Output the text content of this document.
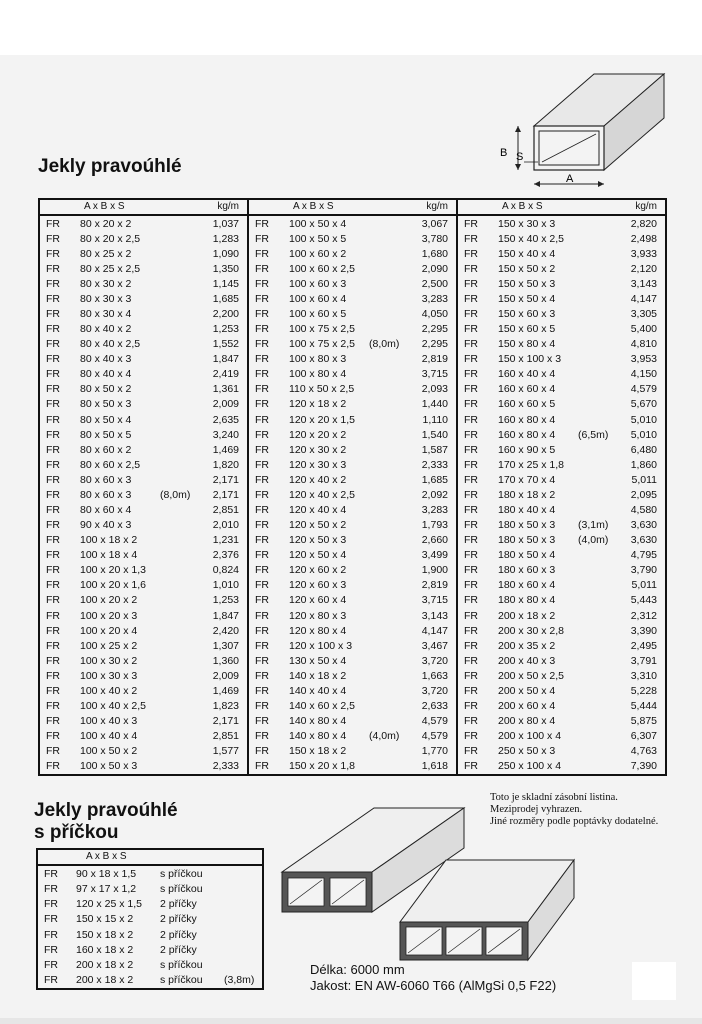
B S
A
Jekly pravoúhlé
A x B x S	kg/m
FR 80 x 20 x 2	1,037
FR 80 x 20 x 2,5	1,283
FR 80 x 25 x 2	1,090
FR 80 x 25 x 2,5	1,350
FR 80 x 30 x 2	1,145
FR 80 x 30 x 3	1,685
FR 80 x 30 x 4	2,200
FR 80 x 40 x 2	1,253
FR 80 x 40 x 2,5	1,552
FR 80 x 40 x 3	1,847
FR 80 x 40 x 4	2,419
FR 80 x 50 x 2	1,361
FR 80 x 50 x 3	2,009
FR 80 x 50 x 4	2,635
FR 80 x 50 x 5	3,240
FR 80 x 60 x 2	1,469
FR 80 x 60 x 2,5	1,820
FR 80 x 60 x 3	2,171
FR 80 x 60 x 3	(8,0m) 2,171
FR 80 x 60 x 4	2,851
FR 90 x 40 x 3	2,010
FR 100 x 18 x 2	1,231
FR 100 x 18 x 4	2,376
FR 100 x 20 x 1,3	0,824
FR 100 x 20 x 1,6	1,010
FR 100 x 20 x 2	1,253
FR 100 x 20 x 3	1,847
FR 100 x 20 x 4	2,420
FR 100 x 25 x 2	1,307
FR 100 x 30 x 2	1,360
FR 100 x 30 x 3	2,009
FR 100 x 40 x 2	1,469
FR 100 x 40 x 2,5	1,823
FR 100 x 40 x 3	2,171
FR 100 x 40 x 4	2,851
FR 100 x 50 x 2	1,577
FR 100 x 50 x 3	2,333
A x B x S	kg/m
FR 100 x 50 x 4	3,067
FR 100 x 50 x 5	3,780
FR 100 x 60 x 2	1,680
FR 100 x 60 x 2,5	2,090
FR 100 x 60 x 3	2,500
FR 100 x 60 x 4	3,283
FR 100 x 60 x 5	4,050
FR 100 x 75 x 2,5	2,295
FR 100 x 75 x 2,5 (8,0m) 2,295
FR 100 x 80 x 3	2,819
FR 100 x 80 x 4	3,715
FR 110 x 50 x 2,5	2,093
FR 120 x 18 x 2	1,440
FR 120 x 20 x 1,5	1,110
FR 120 x 20 x 2	1,540
FR 120 x 30 x 2	1,587
FR 120 x 30 x 3	2,333
FR 120 x 40 x 2	1,685
FR 120 x 40 x 2,5	2,092
FR 120 x 40 x 4	3,283
FR 120 x 50 x 2	1,793
FR 120 x 50 x 3	2,660
FR 120 x 50 x 4	3,499
FR 120 x 60 x 2	1,900
FR 120 x 60 x 3	2,819
FR 120 x 60 x 4	3,715
FR 120 x 80 x 3	3,143
FR 120 x 80 x 4	4,147
FR 120 x 100 x 3	3,467
FR 130 x 50 x 4	3,720
FR 140 x 18 x 2	1,663
FR 140 x 40 x 4	3,720
FR 140 x 60 x 2,5	2,633
FR 140 x 80 x 4	4,579
FR 140 x 80 x 4 (4,0m) 4,579
FR 150 x 18 x 2	1,770
FR 150 x 20 x 1,8	1,618
A x B x S	kg/m
FR 150 x 30 x 3	2,820
FR 150 x 40 x 2,5	2,498
FR 150 x 40 x 4	3,933
FR 150 x 50 x 2	2,120
FR 150 x 50 x 3	3,143
FR 150 x 50 x 4	4,147
FR 150 x 60 x 3	3,305
FR 150 x 60 x 5	5,400
FR 150 x 80 x 4	4,810
FR 150 x 100 x 3	3,953
FR 160 x 40 x 4	4,150
FR 160 x 60 x 4	4,579
FR 160 x 60 x 5	5,670
FR 160 x 80 x 4	5,010
FR 160 x 80 x 4 (6,5m) 5,010
FR 160 x 90 x 5	6,480
FR 170 x 25 x 1,8	1,860
FR 170 x 70 x 4	5,011
FR 180 x 18 x 2	2,095
FR 180 x 40 x 4	4,580
FR 180 x 50 x 3 (3,1m) 3,630
FR 180 x 50 x 3 (4,0m) 3,630
FR 180 x 50 x 4	4,795
FR 180 x 60 x 3	3,790
FR 180 x 60 x 4	5,011
FR 180 x 80 x 4	5,443
FR 200 x 18 x 2	2,312
FR 200 x 30 x 2,8	3,390
FR 200 x 35 x 2	2,495
FR 200 x 40 x 3	3,791
FR 200 x 50 x 2,5	3,310
FR 200 x 50 x 4	5,228
FR 200 x 60 x 4	5,444
FR 200 x 80 x 4	5,875
FR 200 x 100 x 4	6,307
FR 250 x 50 x 3	4,763
FR 250 x 100 x 4	7,390
Jekly pravoúhlé
s příčkou
A x B x S
FR 90 x 18 x 1,5 s příčkou
FR 97 x 17 x 1,2 s příčkou
FR 120 x 25 x 1,5 2 příčky
FR 150 x 15 x 2	2 příčky
FR 150 x 18 x 2	2 příčky
FR 160 x 18 x 2	2 příčky
FR 200 x 18 x 2	s příčkou
FR 200 x 18 x 2	s příčkou (3,8m)
Toto je skladní zásobní listina.
Meziprodej vyhrazen.
Jiné rozměry podle poptávky dodatelné.
Délka: 6000 mm
Jakost: EN AW-6060 T66 (AlMgSi 0,5 F22)
